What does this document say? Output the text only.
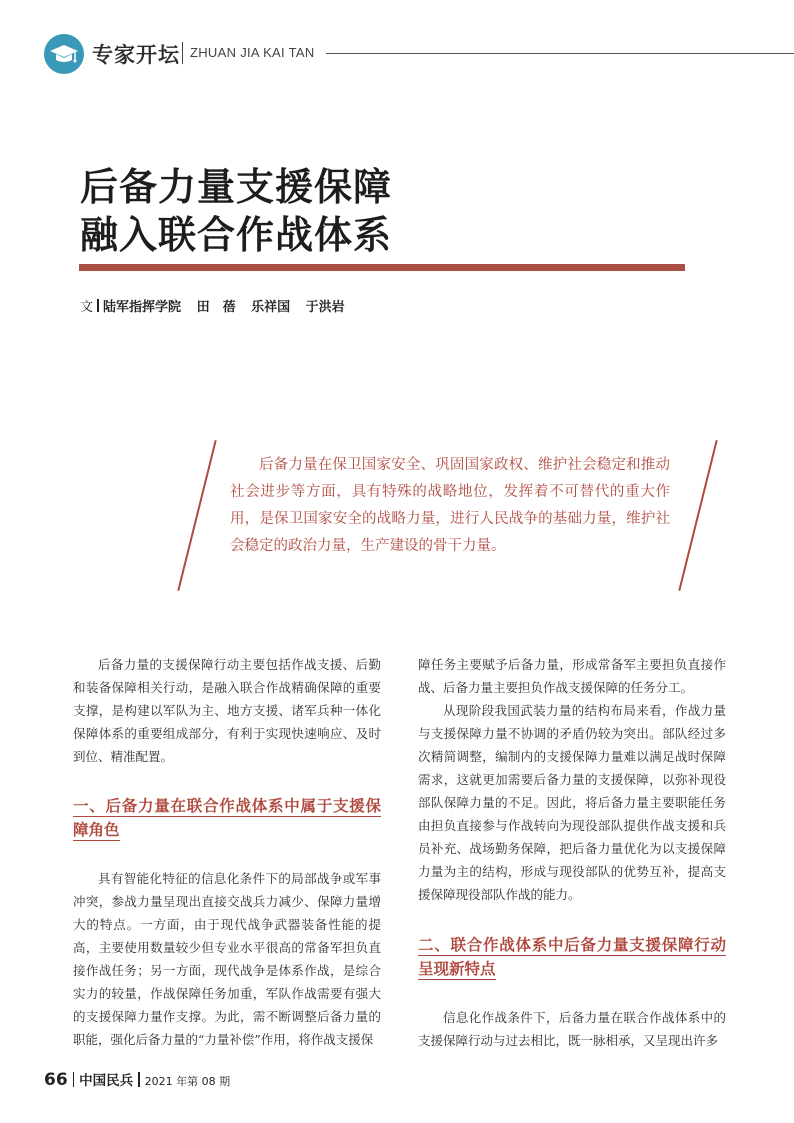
专家开坛 ZHUAN JIA KAI TAN
后备力量支援保障
融入联合作战体系
文 陆军指挥学院 田　蓓 乐祥国 于洪岩

后备力量在保卫国家安全、巩固国家政权、维护社会稳定和推动社会进步等方面，具有特殊的战略地位，发挥着不可替代的重大作用，是保卫国家安全的战略力量，进行人民战争的基础力量，维护社会稳定的政治力量，生产建设的骨干力量。

后备力量的支援保障行动主要包括作战支援、后勤和装备保障相关行动，是融入联合作战精确保障的重要支撑，是构建以军队为主、地方支援、诸军兵种一体化保障体系的重要组成部分，有利于实现快速响应、及时到位、精准配置。

一、后备力量在联合作战体系中属于支援保障角色

具有智能化特征的信息化条件下的局部战争或军事冲突，参战力量呈现出直接交战兵力减少、保障力量增大的特点。一方面，由于现代战争武器装备性能的提高，主要使用数量较少但专业水平很高的常备军担负直接作战任务；另一方面，现代战争是体系作战，是综合实力的较量，作战保障任务加重，军队作战需要有强大的支援保障力量作支撑。为此，需不断调整后备力量的职能，强化后备力量的“力量补偿”作用，将作战支援保

障任务主要赋予后备力量，形成常备军主要担负直接作战、后备力量主要担负作战支援保障的任务分工。

从现阶段我国武装力量的结构布局来看，作战力量与支援保障力量不协调的矛盾仍较为突出。部队经过多次精简调整，编制内的支援保障力量难以满足战时保障需求，这就更加需要后备力量的支援保障，以弥补现役部队保障力量的不足。因此，将后备力量主要职能任务由担负直接参与作战转向为现役部队提供作战支援和兵员补充、战场勤务保障，把后备力量优化为以支援保障力量为主的结构，形成与现役部队的优势互补，提高支援保障现役部队作战的能力。

二、联合作战体系中后备力量支援保障行动呈现新特点

信息化作战条件下，后备力量在联合作战体系中的支援保障行动与过去相比，既一脉相承，又呈现出许多

66 中国民兵 2021 年第 08 期
